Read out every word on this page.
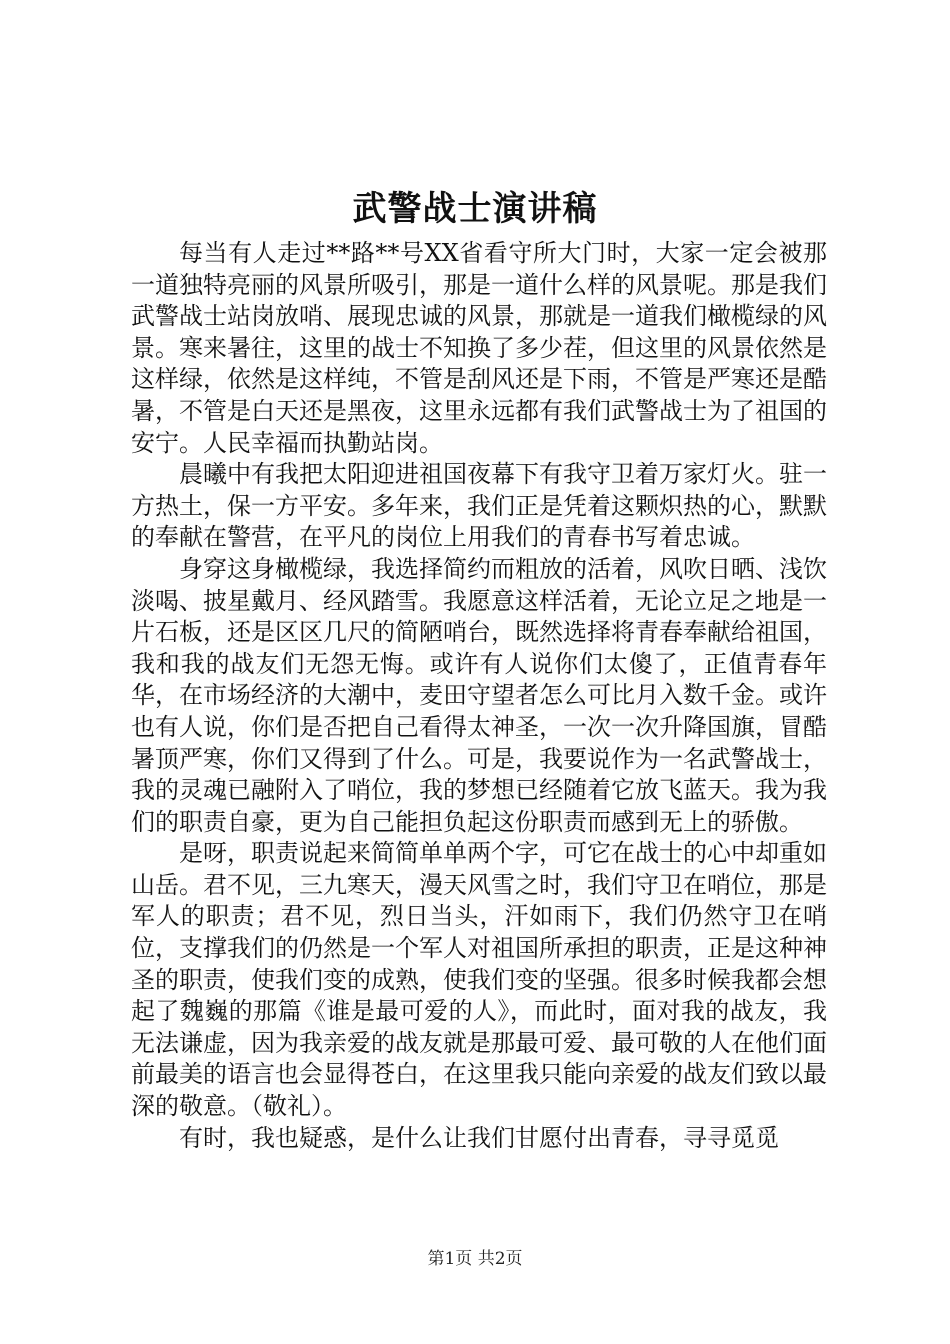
武警战士演讲稿

每当有人走过**路**号XX省看守所大门时，大家一定会被那一道独特亮丽的风景所吸引，那是一道什么样的风景呢。那是我们武警战士站岗放哨、展现忠诚的风景，那就是一道我们橄榄绿的风景。寒来暑往，这里的战士不知换了多少茬，但这里的风景依然是这样绿，依然是这样纯，不管是刮风还是下雨，不管是严寒还是酷暑，不管是白天还是黑夜，这里永远都有我们武警战士为了祖国的安宁。人民幸福而执勤站岗。

晨曦中有我把太阳迎进祖国夜幕下有我守卫着万家灯火。驻一方热土，保一方平安。多年来，我们正是凭着这颗炽热的心，默默的奉献在警营，在平凡的岗位上用我们的青春书写着忠诚。

身穿这身橄榄绿，我选择简约而粗放的活着，风吹日晒、浅饮淡喝、披星戴月、经风踏雪。我愿意这样活着，无论立足之地是一片石板，还是区区几尺的简陋哨台，既然选择将青春奉献给祖国，我和我的战友们无怨无悔。或许有人说你们太傻了，正值青春年华，在市场经济的大潮中，麦田守望者怎么可比月入数千金。或许也有人说，你们是否把自己看得太神圣，一次一次升降国旗，冒酷暑顶严寒，你们又得到了什么。可是，我要说作为一名武警战士，我的灵魂已融附入了哨位，我的梦想已经随着它放飞蓝天。我为我们的职责自豪，更为自己能担负起这份职责而感到无上的骄傲。

是呀，职责说起来简简单单两个字，可它在战士的心中却重如山岳。君不见，三九寒天，漫天风雪之时，我们守卫在哨位，那是军人的职责；君不见，烈日当头，汗如雨下，我们仍然守卫在哨位，支撑我们的仍然是一个军人对祖国所承担的职责，正是这种神圣的职责，使我们变的成熟，使我们变的坚强。很多时候我都会想起了魏巍的那篇《谁是最可爱的人》，而此时，面对我的战友，我无法谦虚，因为我亲爱的战友就是那最可爱、最可敬的人在他们面前最美的语言也会显得苍白，在这里我只能向亲爱的战友们致以最深的敬意。（敬礼）。

有时，我也疑惑，是什么让我们甘愿付出青春，寻寻觅觅

第1页 共2页
